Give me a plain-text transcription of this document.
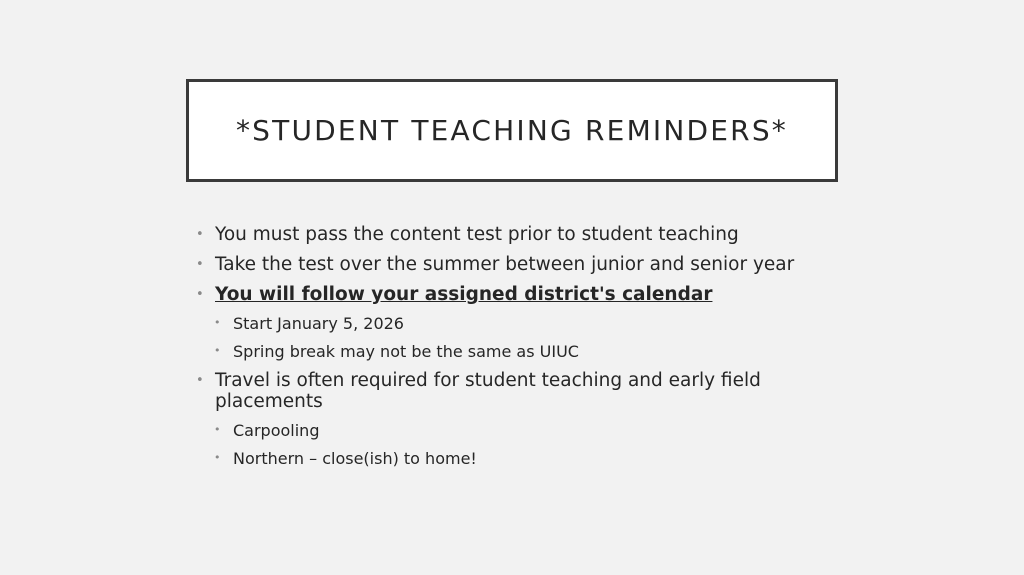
*STUDENT TEACHING REMINDERS*
• You must pass the content test prior to student teaching
• Take the test over the summer between junior and senior year
• You will follow your assigned district's calendar
• Start January 5, 2026
• Spring break may not be the same as UIUC
• Travel is often required for student teaching and early field placements
• Carpooling
• Northern – close(ish) to home!
